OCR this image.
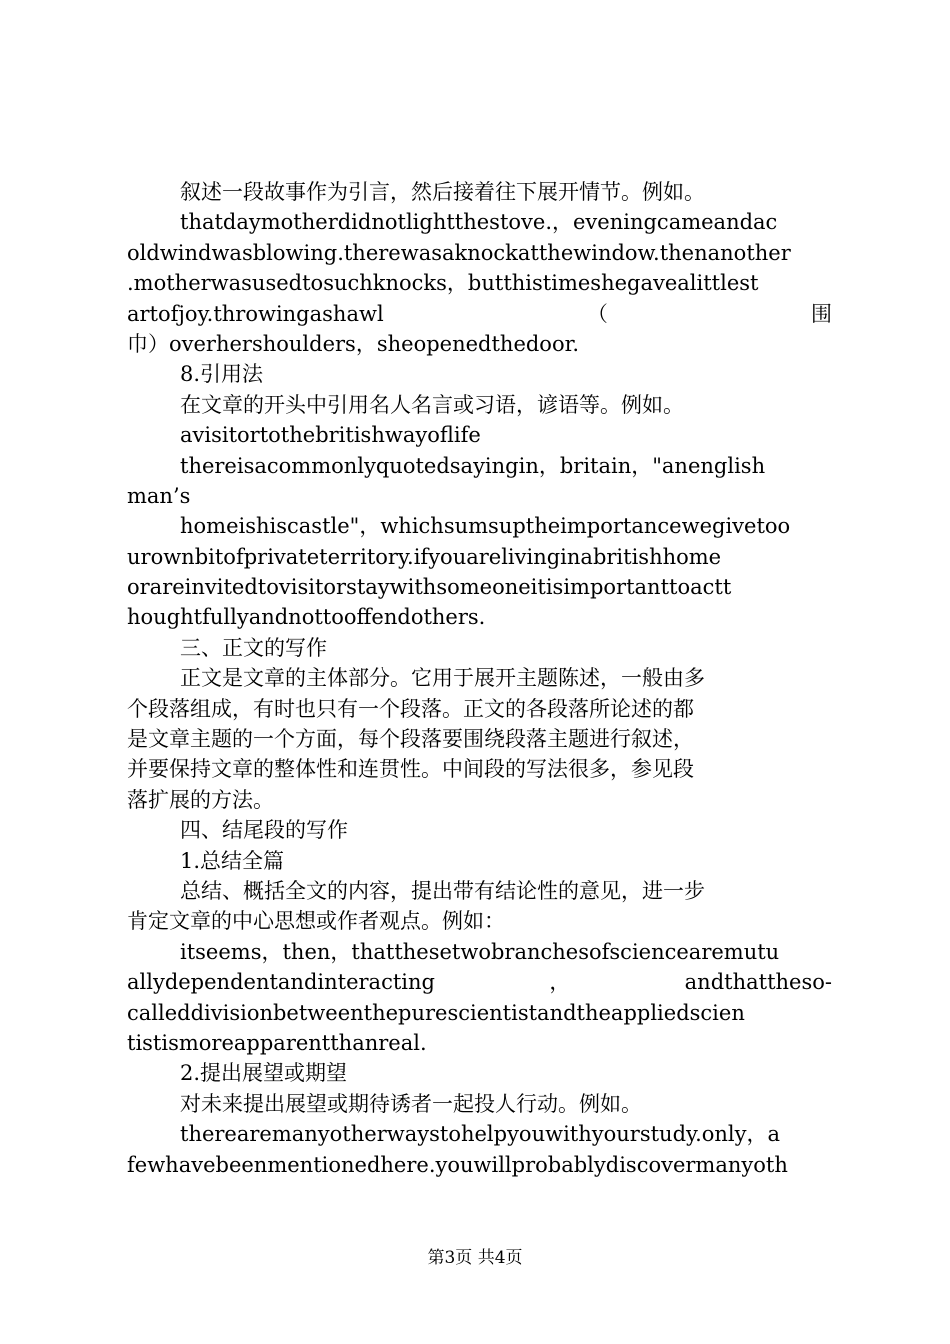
叙述一段故事作为引言，然后接着往下展开情节。例如。
thatdaymotherdidnotlightthestove.，eveningcameandac
oldwindwasblowing.therewasaknockatthewindow.thenanother
.motherwasusedtosuchknocks，butthistimeshegavealittlest
artofjoy.throwingashawl	（	围
巾）overhershoulders，sheopenedthedoor.
8.引用法
在文章的开头中引用名人名言或习语，谚语等。例如。
avisitortothebritishwayoflife
thereisacommonlyquotedsayingin，britain，"anenglish
man’s
homeishiscastle"，whichsumsuptheimportancewegivetoo
urownbitofprivateterritory.ifyouarelivinginabritishhome
orareinvitedtovisitorstaywithsomeoneitisimportanttoactt
houghtfullyandnottooffendothers.
三、正文的写作
正文是文章的主体部分。它用于展开主题陈述，一般由多
个段落组成，有时也只有一个段落。正文的各段落所论述的都
是文章主题的一个方面，每个段落要围绕段落主题进行叙述，
并要保持文章的整体性和连贯性。中间段的写法很多，参见段
落扩展的方法。
四、结尾段的写作
1.总结全篇
总结、概括全文的内容，提出带有结论性的意见，进一步
肯定文章的中心思想或作者观点。例如：
itseems，then，thatthesetwobranchesofsciencearemutu
allydependentandinteracting	，	andthattheso-
calleddivisionbetweenthepurescientistandtheappliedscien
tistismoreapparentthanreal.
2.提出展望或期望
对未来提出展望或期待诱者一起投人行动。例如。
therearemanyotherwaystohelpyouwithyourstudy.only，a
fewhavebeenmentionedhere.youwillprobablydiscovermanyoth
第3页 共4页
